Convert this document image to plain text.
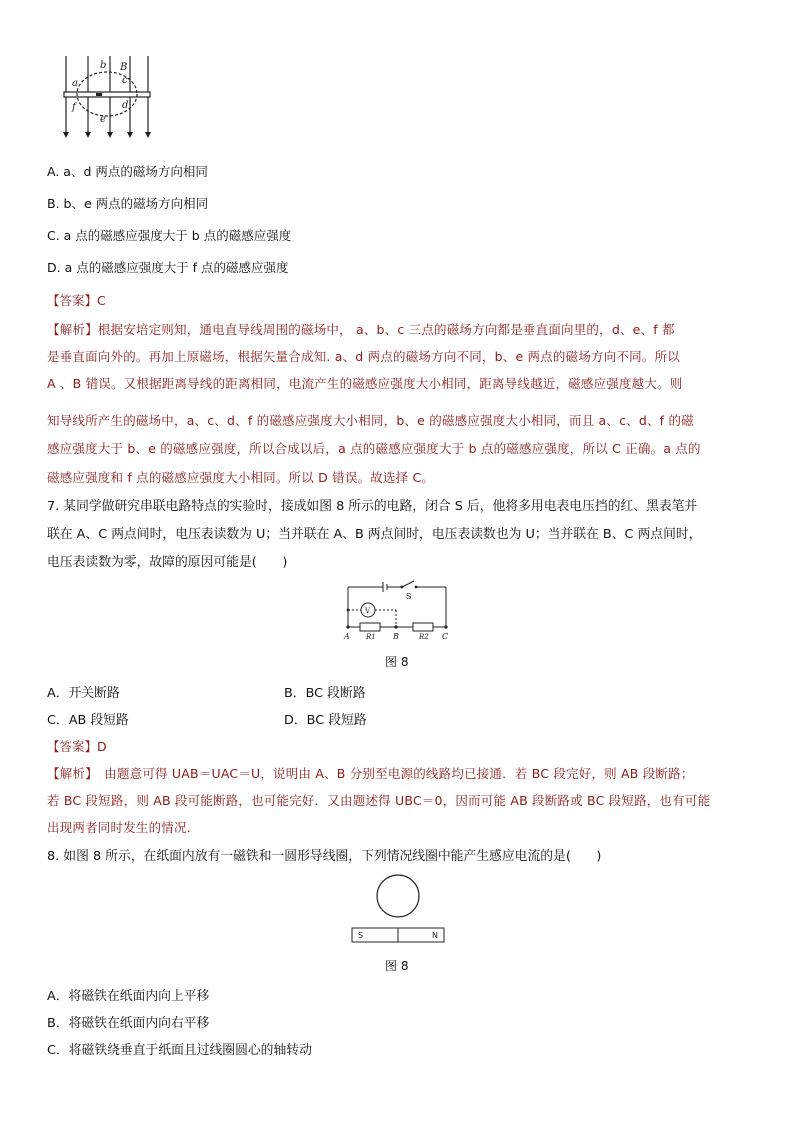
a
b B
c
f	d
e
A. a、d 两点的磁场方向相同
B. b、e 两点的磁场方向相同
C. a 点的磁感应强度大于 b 点的磁感应强度
D. a 点的磁感应强度大于 f 点的磁感应强度
【答案】C
【解析】根据安培定则知，通电直导线周围的磁场中， a、b、c 三点的磁场方向都是垂直面向里的，d、e、f 都
是垂直面向外的。再加上原磁场，根据矢量合成知. a、d 两点的磁场方向不同，b、e 两点的磁场方向不同。所以
A 、B 错误。又根据距离导线的距离相同，电流产生的磁感应强度大小相同，距离导线越近，磁感应强度越大。则
知导线所产生的磁场中，a、c、d、f 的磁感应强度大小相同，b、e 的磁感应强度大小相同，而且 a、c、d、f 的磁
感应强度大于 b、e 的磁感应强度，所以合成以后，a 点的磁感应强度大于 b 点的磁感应强度，所以 C 正确。a 点的
磁感应强度和 f 点的磁感应强度大小相同。所以 D 错误。故选择 C。
7. 某同学做研究串联电路特点的实验时，接成如图 8 所示的电路，闭合 S 后，他将多用电表电压挡的红、黑表笔并
联在 A、C 两点间时，电压表读数为 U；当并联在 A、B 两点间时，电压表读数也为 U；当并联在 B、C 两点间时，
电压表读数为零，故障的原因可能是(　　)
S
V
A R1 B	R2 C
图 8
A．开关断路	B．BC 段断路
C．AB 段短路	D．BC 段短路
【答案】D
【解析】　由题意可得 UAB＝UAC＝U，说明由 A、B 分别至电源的线路均已接通．若 BC 段完好，则 AB 段断路；
若 BC 段短路，则 AB 段可能断路，也可能完好．又由题述得 UBC＝0，因而可能 AB 段断路或 BC 段短路，也有可能
出现两者同时发生的情况．
8. 如图 8 所示，在纸面内放有一磁铁和一圆形导线圈，下列情况线圈中能产生感应电流的是(　　)
S	N
图 8
A．将磁铁在纸面内向上平移
B．将磁铁在纸面内向右平移
C．将磁铁绕垂直于纸面且过线圈圆心的轴转动
